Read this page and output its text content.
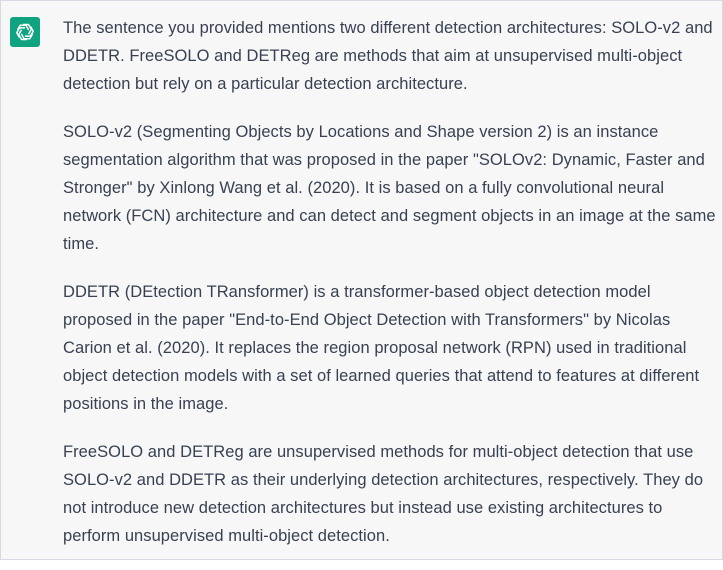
The sentence you provided mentions two different detection architectures: SOLO-v2 and DDETR. FreeSOLO and DETReg are methods that aim at unsupervised multi-object detection but rely on a particular detection architecture.

SOLO-v2 (Segmenting Objects by Locations and Shape version 2) is an instance segmentation algorithm that was proposed in the paper "SOLOv2: Dynamic, Faster and Stronger" by Xinlong Wang et al. (2020). It is based on a fully convolutional neural network (FCN) architecture and can detect and segment objects in an image at the same time.

DDETR (DEtection TRansformer) is a transformer-based object detection model proposed in the paper "End-to-End Object Detection with Transformers" by Nicolas Carion et al. (2020). It replaces the region proposal network (RPN) used in traditional object detection models with a set of learned queries that attend to features at different positions in the image.

FreeSOLO and DETReg are unsupervised methods for multi-object detection that use SOLO-v2 and DDETR as their underlying detection architectures, respectively. They do not introduce new detection architectures but instead use existing architectures to perform unsupervised multi-object detection.
